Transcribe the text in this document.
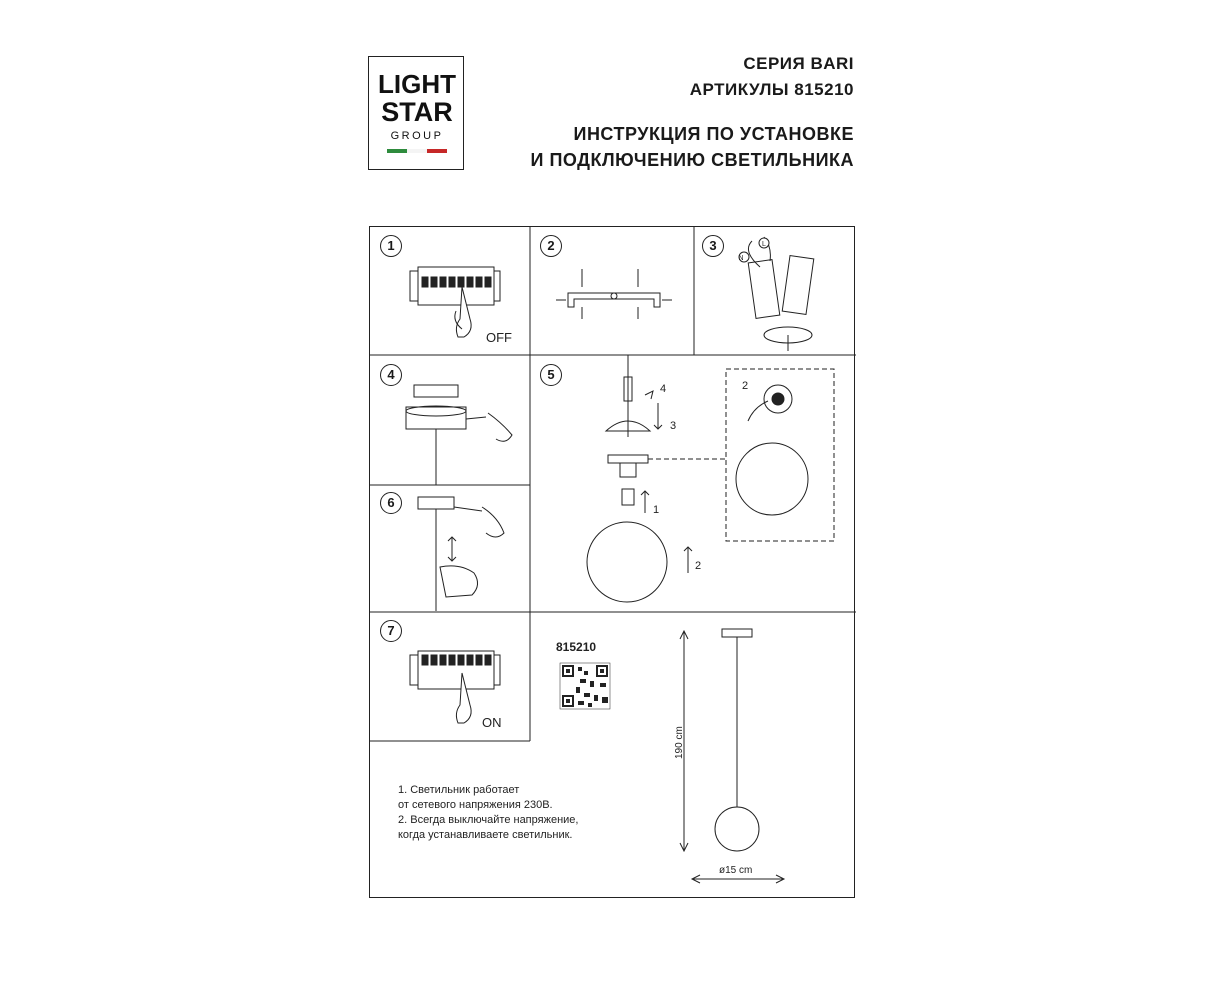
LIGHT
STAR
GROUP
СЕРИЯ BARI
АРТИКУЛЫ 815210
ИНСТРУКЦИЯ ПО УСТАНОВКЕ
И ПОДКЛЮЧЕНИЮ СВЕТИЛЬНИКА
OFF
N
L
4
3
1
2
2
ON
815210
190 cm
ø15 cm
1	2	3
4	5
6
7
1. Светильник работает
от сетевого напряжения 230В.
2. Всегда выключайте напряжение,
когда устанавливаете светильник.
